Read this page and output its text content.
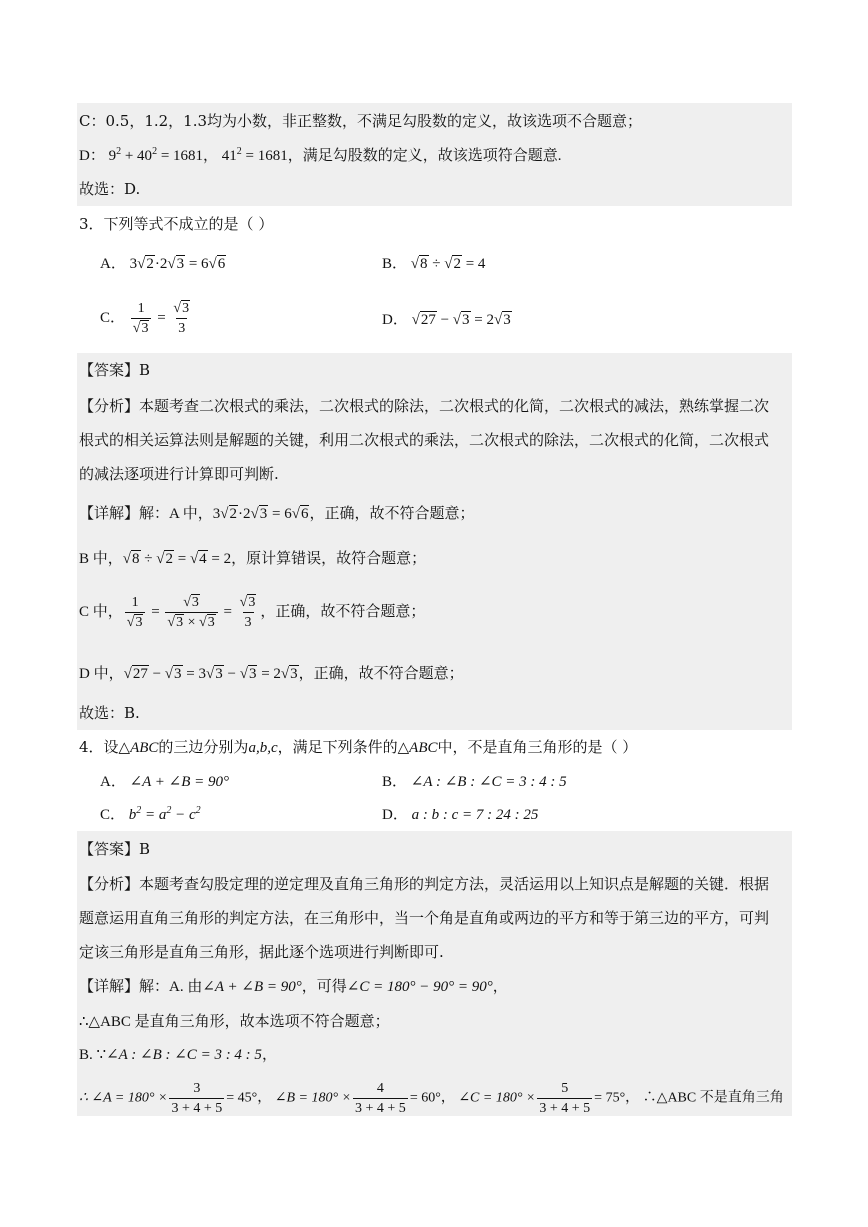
C：0.5，1.2，1.3均为小数，非正整数，不满足勾股数的定义，故该选项不合题意；
D： $9^2 + 40^2 = 1681$， $41^2 = 1681$，满足勾股数的定义，故该选项符合题意.
故选：D.
3．下列等式不成立的是（ ）
A． 3√2·2√3 = 6√6	B． √8 ÷ √2 = 4
C． $\frac{1}{√3} = \frac{√3}{3}$	D． √27 − √3 = 2√3
【答案】B
【分析】本题考查二次根式的乘法，二次根式的除法，二次根式的化简，二次根式的减法，熟练掌握二次
根式的相关运算法则是解题的关键，利用二次根式的乘法，二次根式的除法，二次根式的化简，二次根式
的减法逐项进行计算即可判断.
【详解】解：A 中，3√2·2√3 = 6√6，正确，故不符合题意；
B 中，√8 ÷ √2 = √4 = 2，原计算错误，故符合题意；
C 中， $\frac{1}{√3} = \frac{√3}{√3 \times √3} = \frac{√3}{3}$ ，正确，故不符合题意；
D 中，√27 − √3 = 3√3 − √3 = 2√3，正确，故不符合题意；
故选：B.
4．设△ABC的三边分别为a,b,c，满足下列条件的△ABC中，不是直角三角形的是（ ）
A． ∠A + ∠B = 90°	B． ∠A : ∠B : ∠C = 3 : 4 : 5
C． $b^2 = a^2 - c^2$	D． a : b : c = 7 : 24 : 25
【答案】B
【分析】本题考查勾股定理的逆定理及直角三角形的判定方法，灵活运用以上知识点是解题的关键．根据
题意运用直角三角形的判定方法，在三角形中，当一个角是直角或两边的平方和等于第三边的平方，可判
定该三角形是直角三角形，据此逐个选项进行判断即可.
【详解】解：A. 由∠A + ∠B = 90°，可得∠C = 180° − 90° = 90°，
∴△ABC 是直角三角形，故本选项不符合题意；
B. ∵∠A : ∠B : ∠C = 3 : 4 : 5，
∴ ∠A = $180^\circ \times \frac{3}{3 + 4 + 5} = 45^\circ$， ∠B = $180^\circ \times \frac{4}{3 + 4 + 5} = 60^\circ$， ∠C = $180^\circ \times \frac{5}{3 + 4 + 5} = 75^\circ$， ∴△ABC 不是直角三角
